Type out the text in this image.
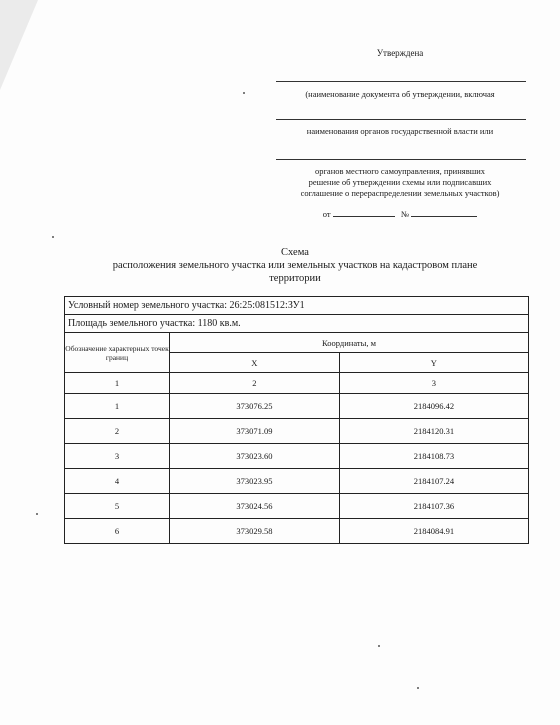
Утверждена
(наименование документа об утверждении, включая
наименования органов государственной власти или
органов местного самоуправления, принявших
решение об утверждении схемы или подписавших
соглашение о перераспределении земельных участков)
от	№
Схема
расположения земельного участка или земельных участков на кадастровом плане
территории
Условный номер земельного участка: 26:25:081512:ЗУ1		
Площадь земельного участка: 1180 кв.м.		
Обозначение характерных точек границ	Координаты, м	
	X	Y
1	2	3
1	373076.25	2184096.42
2	373071.09	2184120.31
3	373023.60	2184108.73
4	373023.95	2184107.24
5	373024.56	2184107.36
6	373029.58	2184084.91
